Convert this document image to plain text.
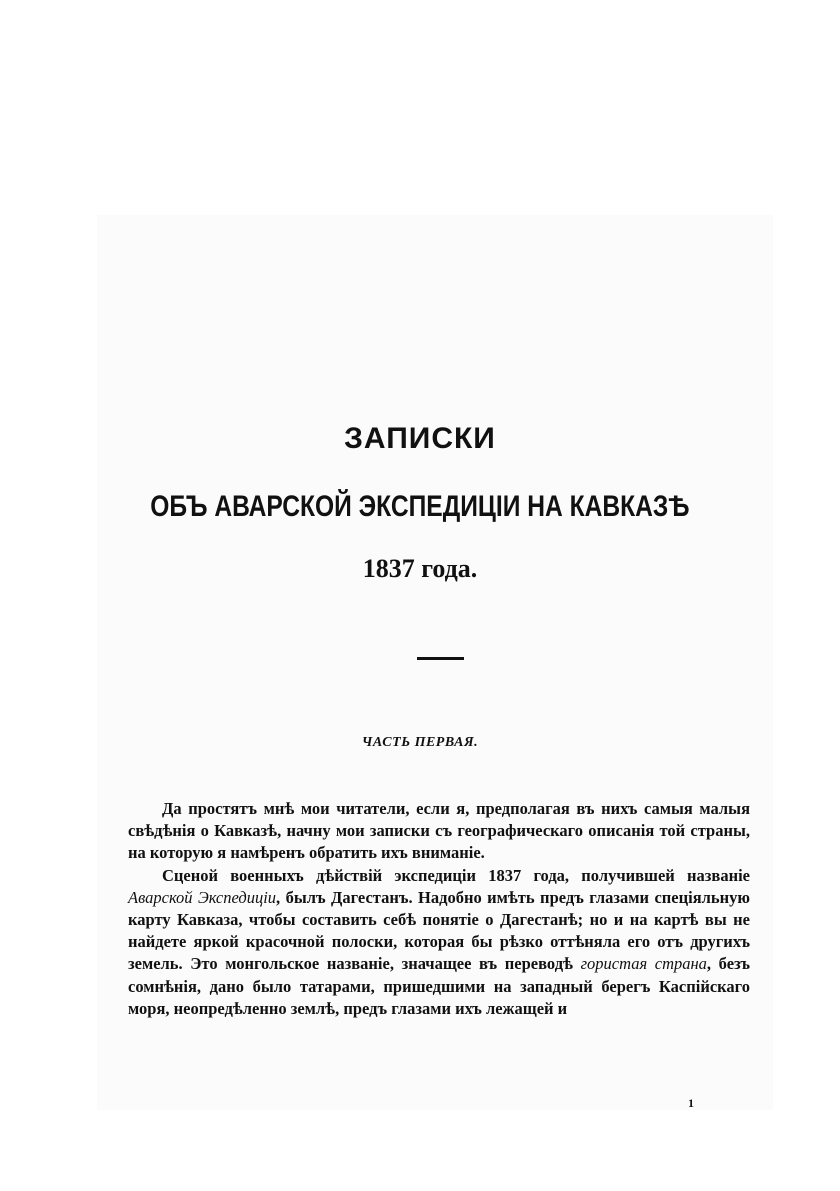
ЗАПИСКИ
ОБЪ АВАРСКОЙ ЭКСПЕДИЦІИ НА КАВКАЗѢ
1837 года.
ЧАСТЬ ПЕРВАЯ.

Да простятъ мнѣ мои читатели, если я, предполагая въ нихъ самыя малыя свѣдѣнія о Кавказѣ, начну мои записки съ географическаго описанія той страны, на которую я намѣренъ обратить ихъ вниманіе.

Сценой военныхъ дѣйствій экспедиціи 1837 года, получившей названіе Аварской Экспедиціи, былъ Дагестанъ. Надобно имѣть предъ глазами спеціяльную карту Кавказа, чтобы составить себѣ понятіе о Дагестанѣ; но и на картѣ вы не найдете яркой красочной полоски, которая бы рѣзко оттѣняла его отъ другихъ земель. Это монгольское названіе, значащее въ переводѣ гористая страна, безъ сомнѣнія, дано было татарами, пришедшими на западный берегъ Каспійскаго моря, неопредѣленно землѣ, предъ глазами ихъ лежащей и

1
